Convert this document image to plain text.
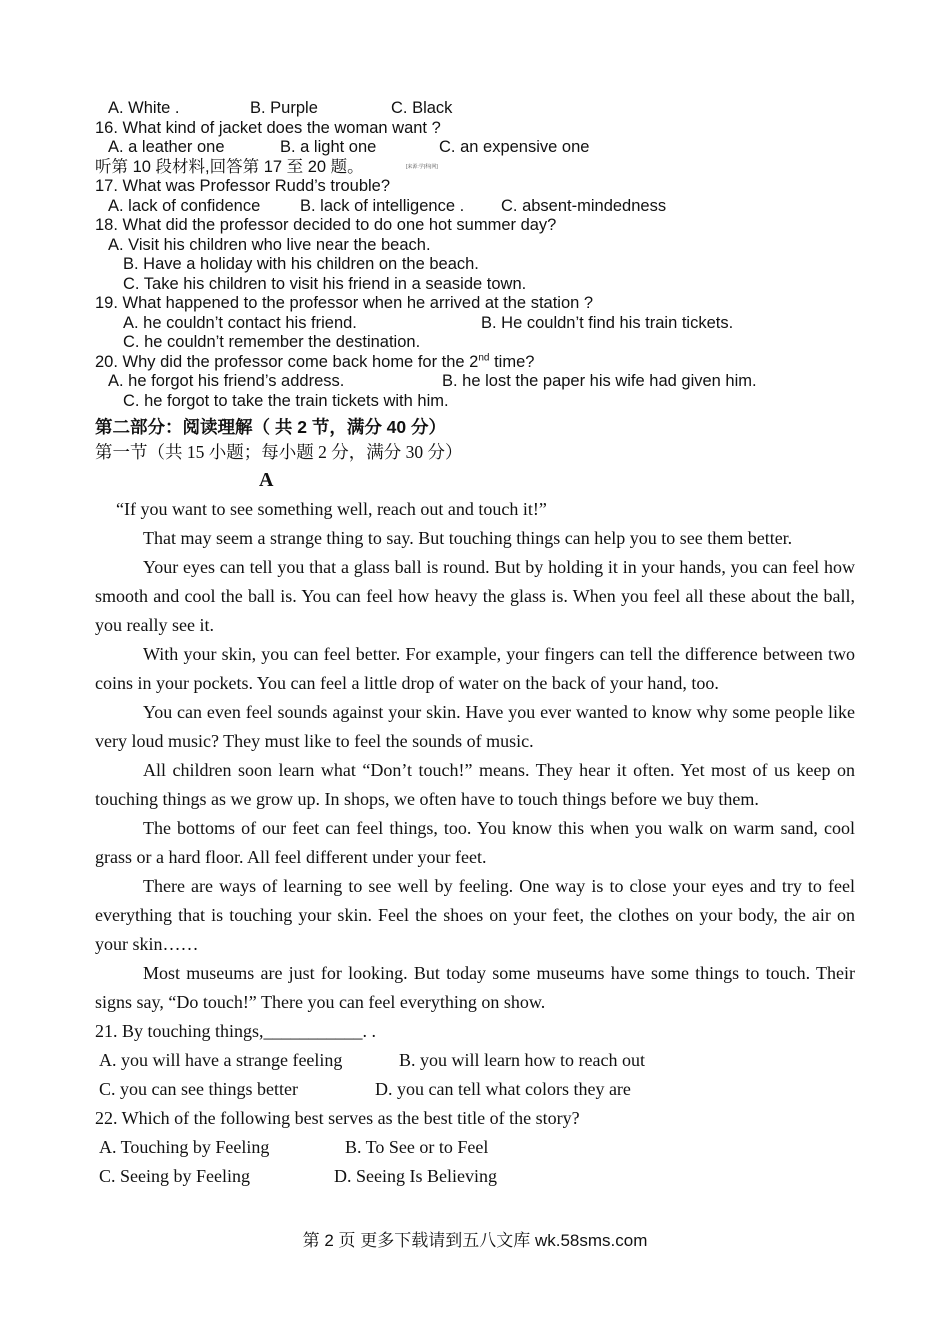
A. White .	B. Purple	C. Black
16. What kind of jacket does the woman want ?
A. a leather one	B. a light one	C. an expensive one
听第 10 段材料,回答第 17 至 20 题。	[来源:学|科|网]
17. What was Professor Rudd’s trouble?
A. lack of confidence B. lack of intelligence . C. absent-mindedness
18. What did the professor decided to do one hot summer day?
A. Visit his children who live near the beach.
B. Have a holiday with his children on the beach.
C. Take his children to visit his friend in a seaside town.
19. What happened to the professor when he arrived at the station ?
A. he couldn’t contact his friend.	B. He couldn’t find his train tickets.
C. he couldn’t remember the destination.
20. Why did the professor come back home for the 2nd time?
A. he forgot his friend’s address.	B. he lost the paper his wife had given him.
C. he forgot to take the train tickets with him.
第二部分：阅读理解（ 共 2 节，满分 40 分）
第一节（共 15 小题；每小题 2 分，满分 30 分）
A

“If you want to see something well, reach out and touch it!”

That may seem a strange thing to say. But touching things can help you to see them better.

Your eyes can tell you that a glass ball is round. But by holding it in your hands, you can feel how smooth and cool the ball is. You can feel how heavy the glass is. When you feel all these about the ball, you really see it.

With your skin, you can feel better. For example, your fingers can tell the difference between two coins in your pockets. You can feel a little drop of water on the back of your hand, too.

You can even feel sounds against your skin. Have you ever wanted to know why some people like very loud music? They must like to feel the sounds of music.

All children soon learn what “Don’t touch!” means. They hear it often. Yet most of us keep on touching things as we grow up. In shops, we often have to touch things before we buy them.

The bottoms of our feet can feel things, too. You know this when you walk on warm sand, cool grass or a hard floor. All feel different under your feet.

There are ways of learning to see well by feeling. One way is to close your eyes and try to feel everything that is touching your skin. Feel the shoes on your feet, the clothes on your body, the air on your skin……

Most museums are just for looking. But today some museums have some things to touch. Their signs say, “Do touch!” There you can feel everything on show.

21. By touching things,___________. .

A. you will have a strange feeling	B. you will learn how to reach out
C. you can see things better	D. you can tell what colors they are

22. Which of the following best serves as the best title of the story?

A. Touching by Feeling	B. To See or to Feel
C. Seeing by Feeling	D. Seeing Is Believing
第 2 页 更多下载请到五八文库 wk.58sms.com
